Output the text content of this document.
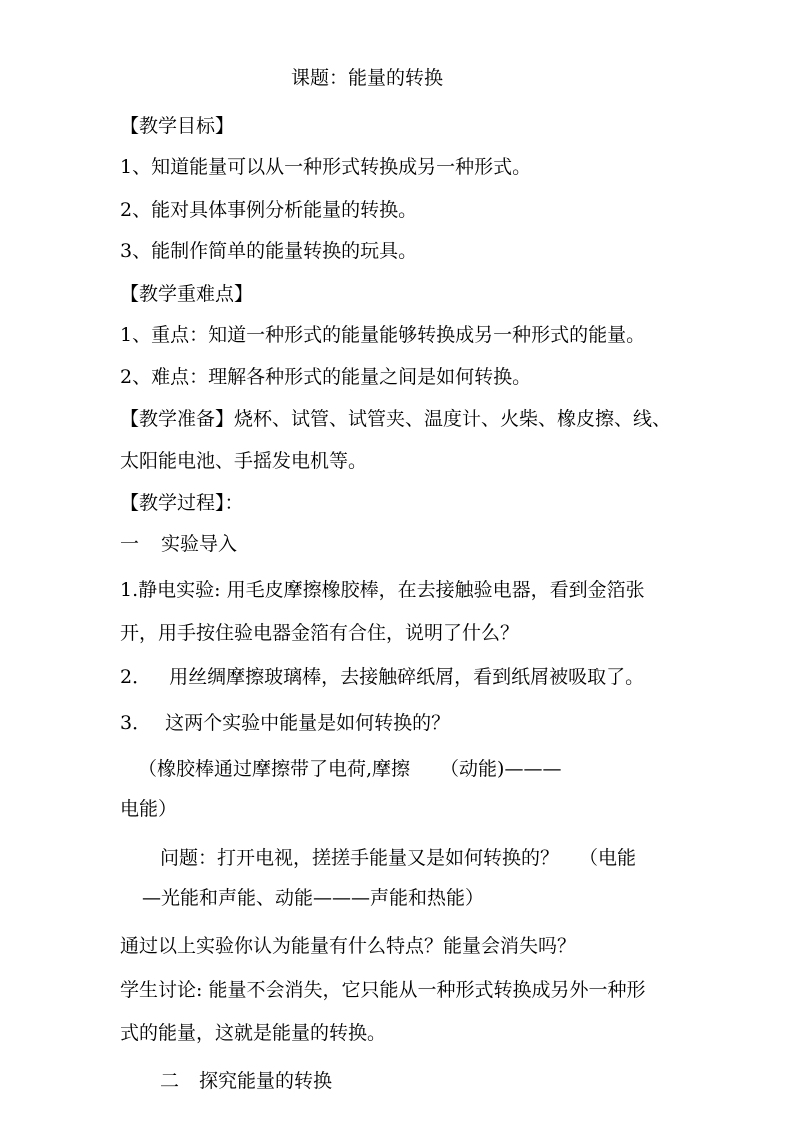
课题：能量的转换

【教学目标】

1、知道能量可以从一种形式转换成另一种形式。

2、能对具体事例分析能量的转换。

3、能制作简单的能量转换的玩具。

【教学重难点】

1、重点：知道一种形式的能量能够转换成另一种形式的能量。

2、难点：理解各种形式的能量之间是如何转换。

【教学准备】烧杯、试管、试管夹、温度计、火柴、橡皮擦、线、

太阳能电池、手摇发电机等。

【教学过程】：

一 实验导入

1.静电实验: 用毛皮摩擦橡胶棒，在去接触验电器，看到金箔张

开，用手按住验电器金箔有合住，说明了什么？

2． 用丝绸摩擦玻璃棒，去接触碎纸屑，看到纸屑被吸取了。

3． 这两个实验中能量是如何转换的？

（橡胶棒通过摩擦带了电荷,摩擦 （动能)———

电能）

问题：打开电视，搓搓手能量又是如何转换的？ （电能

—光能和声能、动能———声能和热能）

通过以上实验你认为能量有什么特点？能量会消失吗？

学生讨论: 能量不会消失，它只能从一种形式转换成另外一种形

式的能量，这就是能量的转换。

二 探究能量的转换
